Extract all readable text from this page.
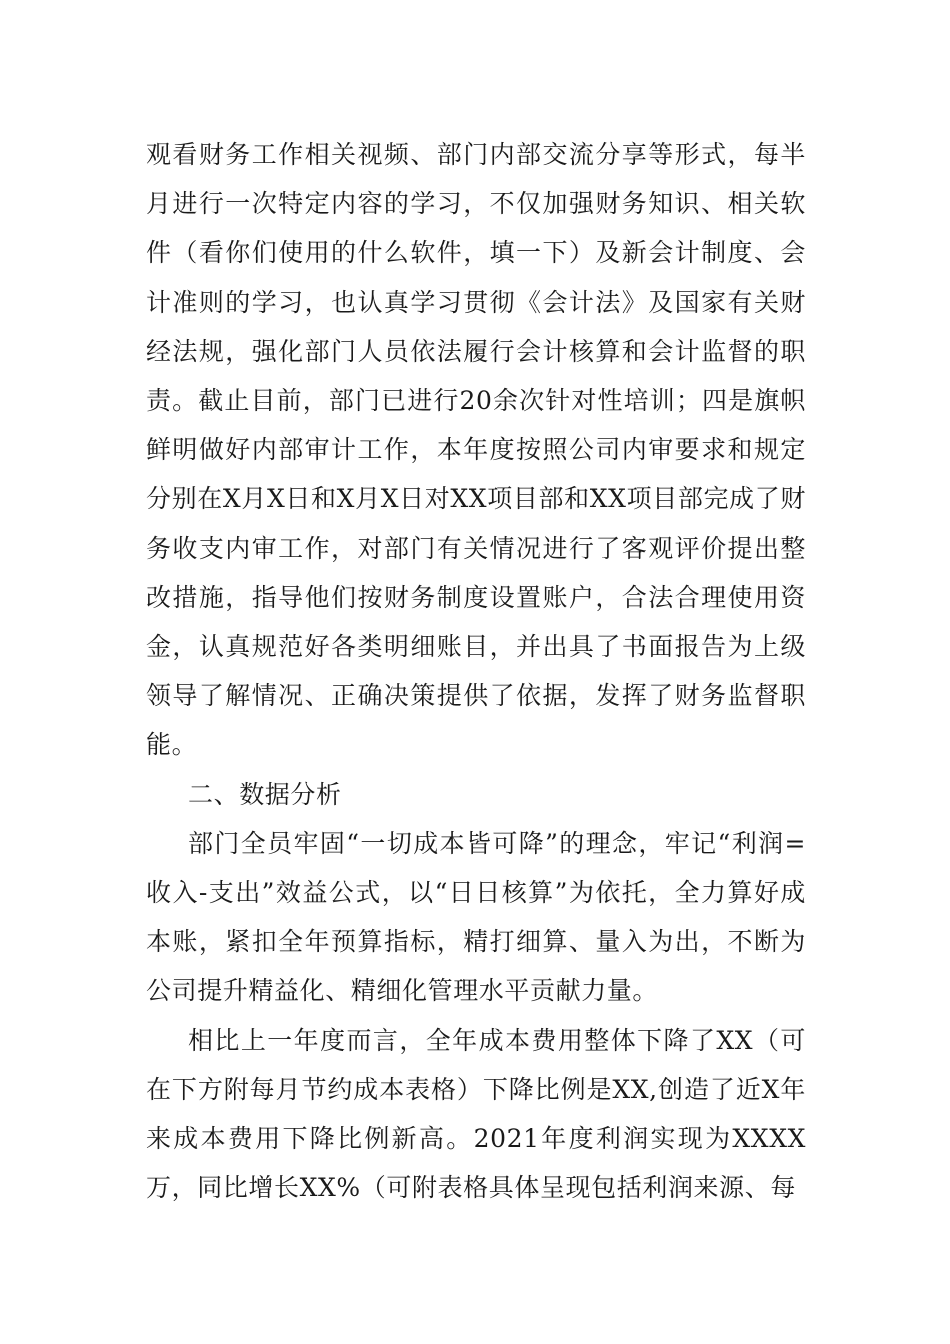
观看财务工作相关视频、部门内部交流分享等形式，每半月进行一次特定内容的学习，不仅加强财务知识、相关软件（看你们使用的什么软件，填一下）及新会计制度、会计准则的学习，也认真学习贯彻《会计法》及国家有关财经法规，强化部门人员依法履行会计核算和会计监督的职责。截止目前，部门已进行20余次针对性培训；四是旗帜鲜明做好内部审计工作，本年度按照公司内审要求和规定分别在X月X日和X月X日对XX项目部和XX项目部完成了财务收支内审工作，对部门有关情况进行了客观评价提出整改措施，指导他们按财务制度设置账户，合法合理使用资金，认真规范好各类明细账目，并出具了书面报告为上级领导了解情况、正确决策提供了依据，发挥了财务监督职能。

二、数据分析

部门全员牢固“一切成本皆可降”的理念，牢记“利润=收入-支出”效益公式，以“日日核算”为依托，全力算好成本账，紧扣全年预算指标，精打细算、量入为出，不断为公司提升精益化、精细化管理水平贡献力量。

相比上一年度而言，全年成本费用整体下降了XX（可在下方附每月节约成本表格）下降比例是XX,创造了近X年来成本费用下降比例新高。2021年度利润实现为XXXX万，同比增长XX%（可附表格具体呈现包括利润来源、每
